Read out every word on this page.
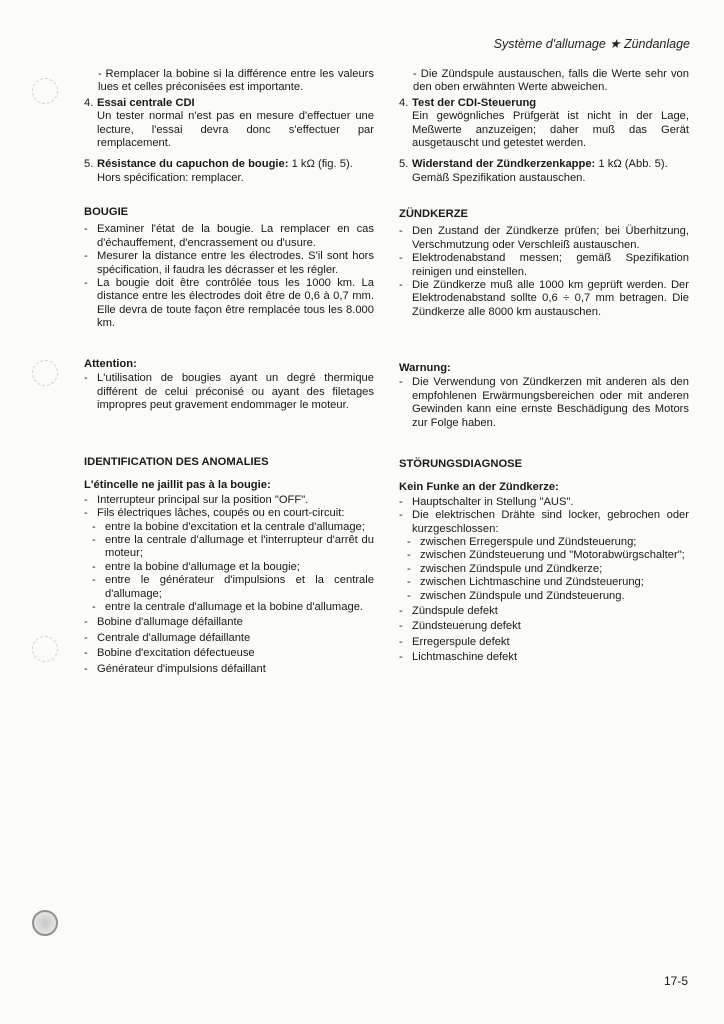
Système d'allumage ★ Zündanlage
- Remplacer la bobine si la différence entre les valeurs lues et celles préconisées est importante.
4. Essai centrale CDI
Un tester normal n'est pas en mesure d'effectuer une lecture, l'essai devra donc s'effectuer par remplacement.
5. Résistance du capuchon de bougie: 1 kΩ (fig. 5).
Hors spécification: remplacer.
BOUGIE
- Examiner l'état de la bougie. La remplacer en cas d'échauffement, d'encrassement ou d'usure.
- Mesurer la distance entre les électrodes. S'il sont hors spécification, il faudra les décrasser et les régler.
- La bougie doit être contrôlée tous les 1000 km. La distance entre les électrodes doit être de 0,6 à 0,7 mm. Elle devra de toute façon être remplacée tous les 8.000 km.
Attention:
- L'utilisation de bougies ayant un degré thermique différent de celui préconisé ou ayant des filetages impropres peut gravement endommager le moteur.
IDENTIFICATION DES ANOMALIES
L'étincelle ne jaillit pas à la bougie:
- Interrupteur principal sur la position "OFF".
- Fils électriques lâches, coupés ou en court-circuit:
- entre la bobine d'excitation et la centrale d'allumage;
- entre la centrale d'allumage et l'interrupteur d'arrêt du moteur;
- entre la bobine d'allumage et la bougie;
- entre le générateur d'impulsions et la centrale d'allumage;
- entre la centrale d'allumage et la bobine d'allumage.
- Bobine d'allumage défaillante
- Centrale d'allumage défaillante
- Bobine d'excitation défectueuse
- Générateur d'impulsions défaillant
- Die Zündspule austauschen, falls die Werte sehr von den oben erwähnten Werte abweichen.
4. Test der CDI-Steuerung
Ein gewögnliches Prüfgerät ist nicht in der Lage, Meßwerte anzuzeigen; daher muß das Gerät ausgetauscht und getestet werden.
5. Widerstand der Zündkerzenkappe: 1 kΩ (Abb. 5).
Gemäß Spezifikation austauschen.
ZÜNDKERZE
- Den Zustand der Zündkerze prüfen; bei Überhitzung, Verschmutzung oder Verschleiß austauschen.
- Elektrodenabstand messen; gemäß Spezifikation reinigen und einstellen.
- Die Zündkerze muß alle 1000 km geprüft werden. Der Elektrodenabstand sollte 0,6 ÷ 0,7 mm betragen. Die Zündkerze alle 8000 km austauschen.
Warnung:
- Die Verwendung von Zündkerzen mit anderen als den empfohlenen Erwärmungsbereichen oder mit anderen Gewinden kann eine ernste Beschädigung des Motors zur Folge haben.
STÖRUNGSDIAGNOSE
Kein Funke an der Zündkerze:
- Hauptschalter in Stellung "AUS".
- Die elektrischen Drähte sind locker, gebrochen oder kurzgeschlossen:
- zwischen Erregerspule und Zündsteuerung;
- zwischen Zündsteuerung und "Motorabwürgschalter";
- zwischen Zündspule und Zündkerze;
- zwischen Lichtmaschine und Zündsteuerung;
- zwischen Zündspule und Zündsteuerung.
- Zündspule defekt
- Zündsteuerung defekt
- Erregerspule defekt
- Lichtmaschine defekt
17-5
